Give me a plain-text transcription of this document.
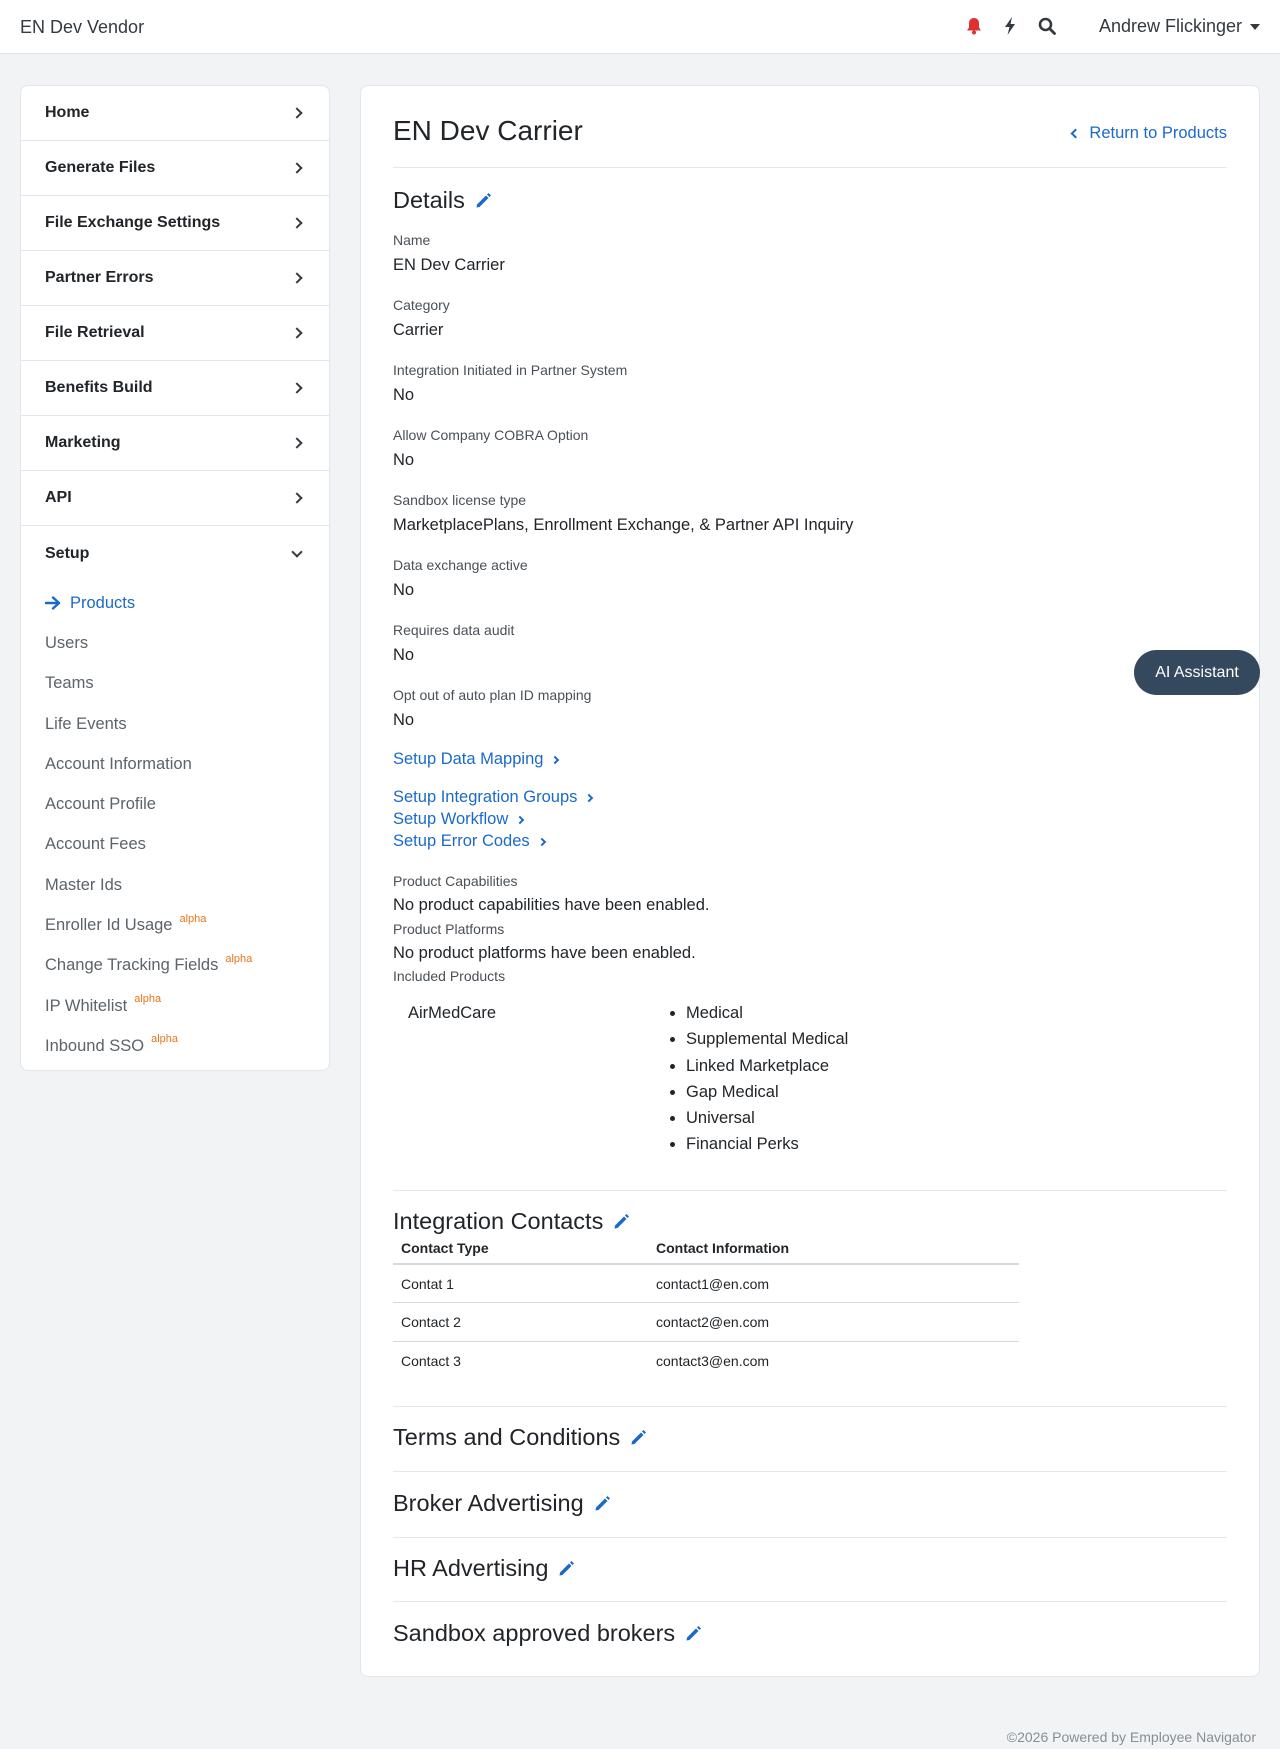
EN Dev Vendor	Andrew Flickinger
Home
Generate Files
File Exchange Settings
Partner Errors
File Retrieval
Benefits Build
Marketing
API
Setup
Products
Users
Teams
Life Events
Account Information
Account Profile
Account Fees
Master Ids
Enroller Id Usage alpha
Change Tracking Fields alpha
IP Whitelist alpha
Inbound SSO alpha
EN Dev Carrier	Return to Products
Details
Name
EN Dev Carrier
Category
Carrier
Integration Initiated in Partner System
No
Allow Company COBRA Option
No
Sandbox license type
MarketplacePlans, Enrollment Exchange, & Partner API Inquiry
Data exchange active
No
Requires data audit
No
Opt out of auto plan ID mapping
No
Setup Data Mapping
Setup Integration Groups
Setup Workflow
Setup Error Codes
Product Capabilities
No product capabilities have been enabled.
Product Platforms
No product platforms have been enabled.
Included Products
AirMedCare	• Medical
• Supplemental Medical
• Linked Marketplace
• Gap Medical
• Universal
• Financial Perks
Integration Contacts
Contact Type	Contact Information
Contat 1	contact1@en.com
Contact 2	contact2@en.com
Contact 3	contact3@en.com
Terms and Conditions
Broker Advertising
HR Advertising
Sandbox approved brokers
AI Assistant
©2026 Powered by Employee Navigator
